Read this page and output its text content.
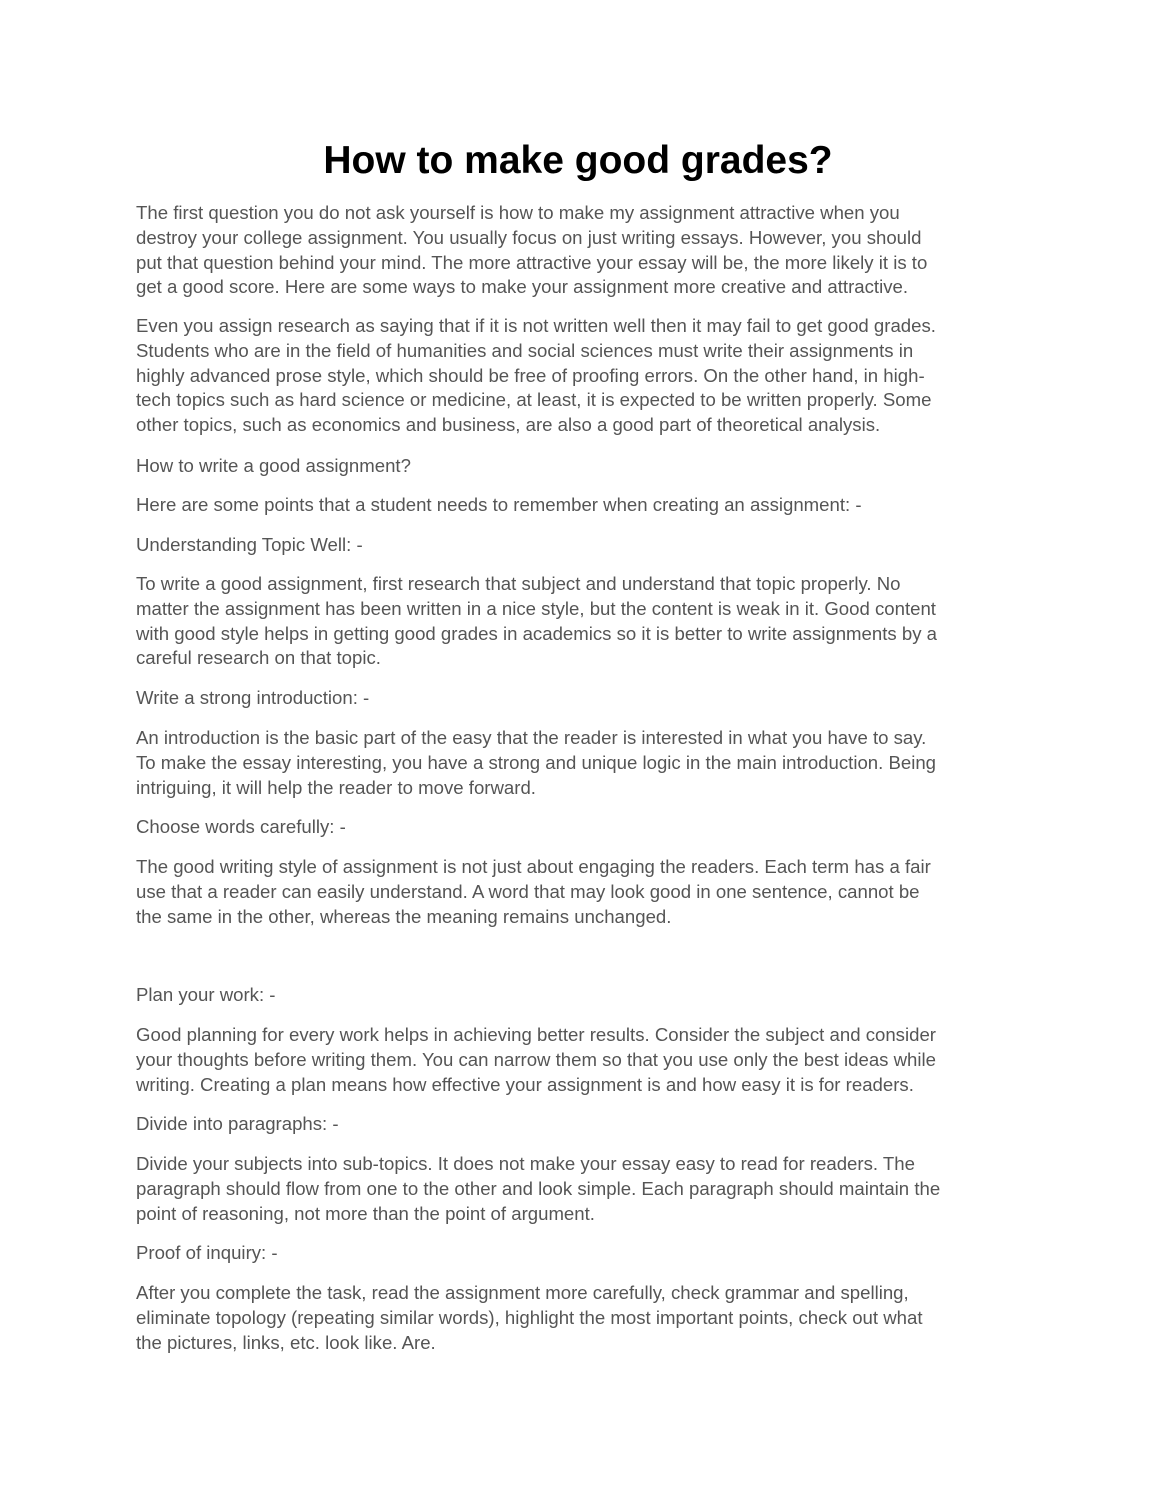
How to make good grades?

The first question you do not ask yourself is how to make my assignment attractive when you
destroy your college assignment. You usually focus on just writing essays. However, you should
put that question behind your mind. The more attractive your essay will be, the more likely it is to
get a good score. Here are some ways to make your assignment more creative and attractive.

Even you assign research as saying that if it is not written well then it may fail to get good grades.
Students who are in the field of humanities and social sciences must write their assignments in
highly advanced prose style, which should be free of proofing errors. On the other hand, in high-
tech topics such as hard science or medicine, at least, it is expected to be written properly. Some
other topics, such as economics and business, are also a good part of theoretical analysis.

How to write a good assignment?

Here are some points that a student needs to remember when creating an assignment: -

Understanding Topic Well: -

To write a good assignment, first research that subject and understand that topic properly. No
matter the assignment has been written in a nice style, but the content is weak in it. Good content
with good style helps in getting good grades in academics so it is better to write assignments by a
careful research on that topic.

Write a strong introduction: -

An introduction is the basic part of the easy that the reader is interested in what you have to say.
To make the essay interesting, you have a strong and unique logic in the main introduction. Being
intriguing, it will help the reader to move forward.

Choose words carefully: -

The good writing style of assignment is not just about engaging the readers. Each term has a fair
use that a reader can easily understand. A word that may look good in one sentence, cannot be
the same in the other, whereas the meaning remains unchanged.

Plan your work: -

Good planning for every work helps in achieving better results. Consider the subject and consider
your thoughts before writing them. You can narrow them so that you use only the best ideas while
writing. Creating a plan means how effective your assignment is and how easy it is for readers.

Divide into paragraphs: -

Divide your subjects into sub-topics. It does not make your essay easy to read for readers. The
paragraph should flow from one to the other and look simple. Each paragraph should maintain the
point of reasoning, not more than the point of argument.

Proof of inquiry: -

After you complete the task, read the assignment more carefully, check grammar and spelling,
eliminate topology (repeating similar words), highlight the most important points, check out what
the pictures, links, etc. look like. Are.
